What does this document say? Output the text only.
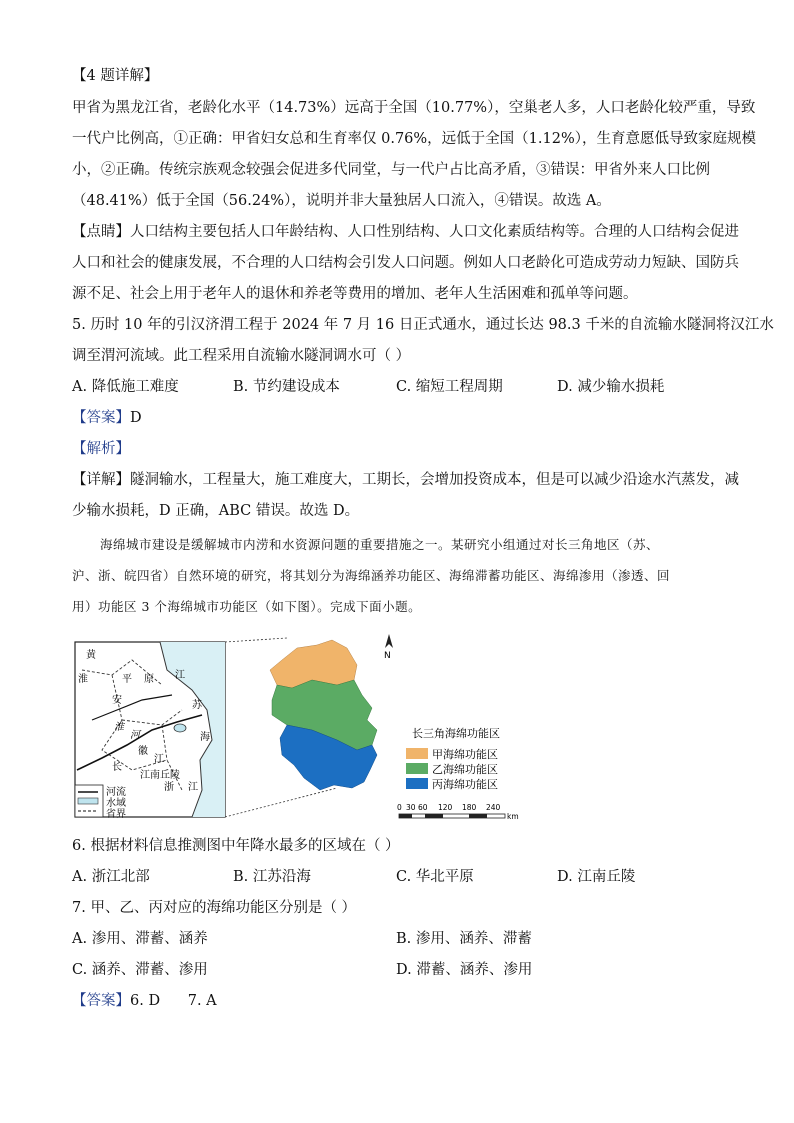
【4 题详解】
甲省为黑龙江省，老龄化水平（14.73%）远高于全国（10.77%），空巢老人多，人口老龄化较严重，导致
一代户比例高，①正确：甲省妇女总和生育率仅 0.76%，远低于全国（1.12%），生育意愿低导致家庭规模
小，②正确。传统宗族观念较强会促进多代同堂，与一代户占比高矛盾，③错误：甲省外来人口比例
（48.41%）低于全国（56.24%），说明并非大量独居人口流入，④错误。故选 A。
【点睛】人口结构主要包括人口年龄结构、人口性别结构、人口文化素质结构等。合理的人口结构会促进
人口和社会的健康发展，不合理的人口结构会引发人口问题。例如人口老龄化可造成劳动力短缺、国防兵
源不足、社会上用于老年人的退休和养老等费用的增加、老年人生活困难和孤单等问题。
5. 历时 10 年的引汉济渭工程于 2024 年 7 月 16 日正式通水，通过长达 98.3 千米的自流输水隧洞将汉江水
调至渭河流域。此工程采用自流输水隧洞调水可（ ）
A. 降低施工难度	B. 节约建设成本	C. 缩短工程周期	D. 减少输水损耗
【答案】D
【解析】
【详解】隧洞输水，工程量大，施工难度大，工期长，会增加投资成本，但是可以减少沿途水汽蒸发，减
少输水损耗，D 正确，ABC 错误。故选 D。
海绵城市建设是缓解城市内涝和水资源问题的重要措施之一。某研究小组通过对长三角地区（苏、
沪、浙、皖四省）自然环境的研究，将其划分为海绵涵养功能区、海绵滞蓄功能区、海绵渗用（渗透、回
用）功能区 3 个海绵城市功能区（如下图）。完成下面小题。
黄
淮	平 原 江
苏
安
淮
河	海
徽
长
江
江南丘陵
浙 江
河流
水域
省界
N
长三角海绵功能区
甲海绵功能区
乙海绵功能区
丙海绵功能区
0 30 60 120 180 240
km
6. 根据材料信息推测图中年降水最多的区域在（ ）
A. 浙江北部	B. 江苏沿海	C. 华北平原	D. 江南丘陵
7. 甲、乙、丙对应的海绵功能区分别是（ ）
A. 渗用、滞蓄、涵养	B. 渗用、涵养、滞蓄
C. 涵养、滞蓄、渗用	D. 滞蓄、涵养、渗用
【答案】6. D      7. A
